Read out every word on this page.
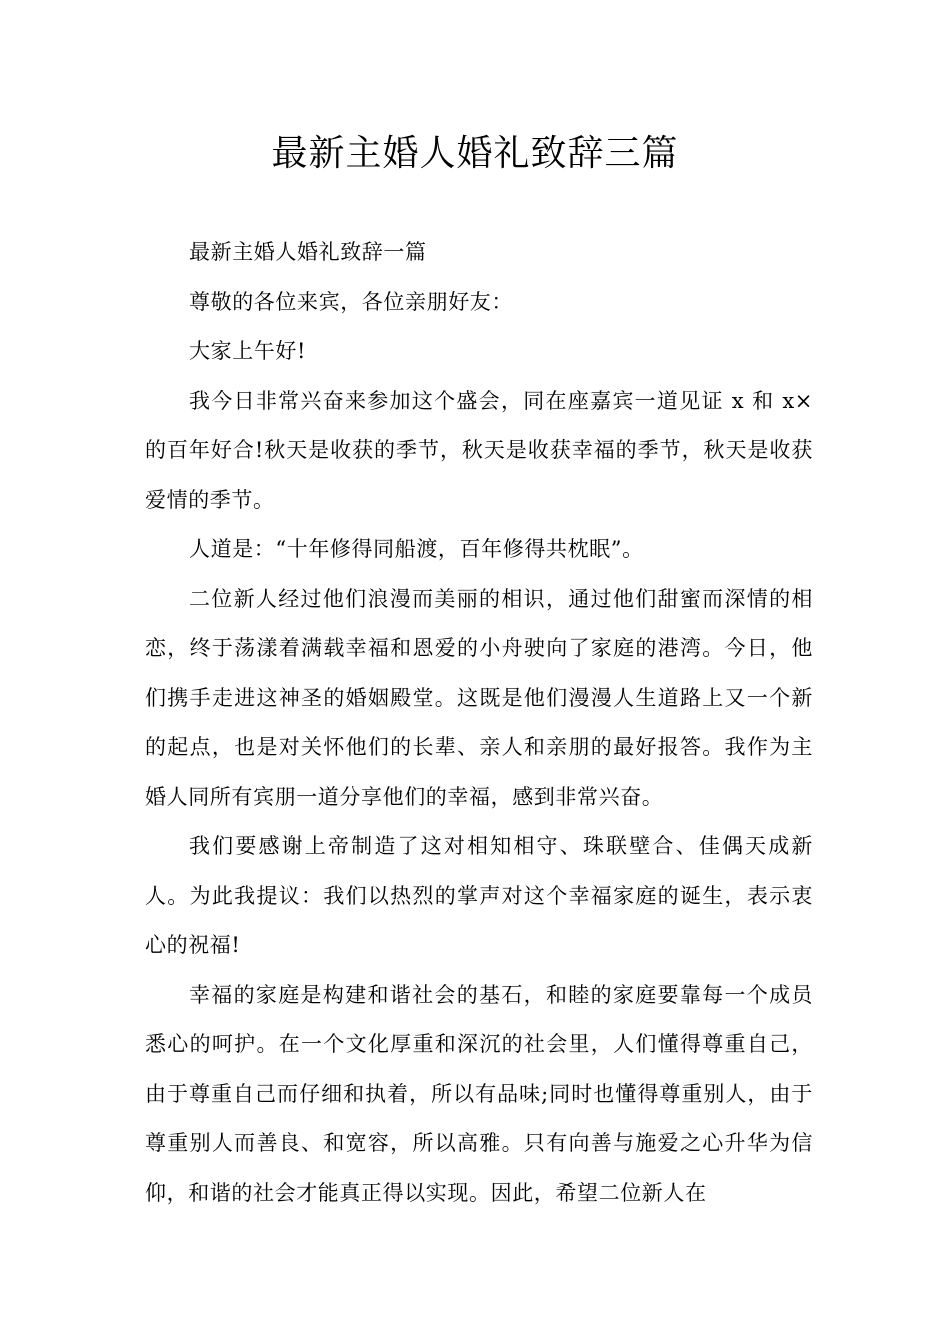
最新主婚人婚礼致辞三篇

最新主婚人婚礼致辞一篇

尊敬的各位来宾，各位亲朋好友：

大家上午好!

我今日非常兴奋来参加这个盛会，同在座嘉宾一道见证 x 和 x×的百年好合!秋天是收获的季节，秋天是收获幸福的季节，秋天是收获爱情的季节。

人道是：“十年修得同船渡，百年修得共枕眠”。

二位新人经过他们浪漫而美丽的相识，通过他们甜蜜而深情的相恋，终于荡漾着满载幸福和恩爱的小舟驶向了家庭的港湾。今日，他们携手走进这神圣的婚姻殿堂。这既是他们漫漫人生道路上又一个新的起点，也是对关怀他们的长辈、亲人和亲朋的最好报答。我作为主婚人同所有宾朋一道分享他们的幸福，感到非常兴奋。

我们要感谢上帝制造了这对相知相守、珠联壁合、佳偶天成新人。为此我提议：我们以热烈的掌声对这个幸福家庭的诞生，表示衷心的祝福!

幸福的家庭是构建和谐社会的基石，和睦的家庭要靠每一个成员悉心的呵护。在一个文化厚重和深沉的社会里，人们懂得尊重自己，由于尊重自己而仔细和执着，所以有品味;同时也懂得尊重别人，由于尊重别人而善良、和宽容，所以高雅。只有向善与施爱之心升华为信仰，和谐的社会才能真正得以实现。因此，希望二位新人在
